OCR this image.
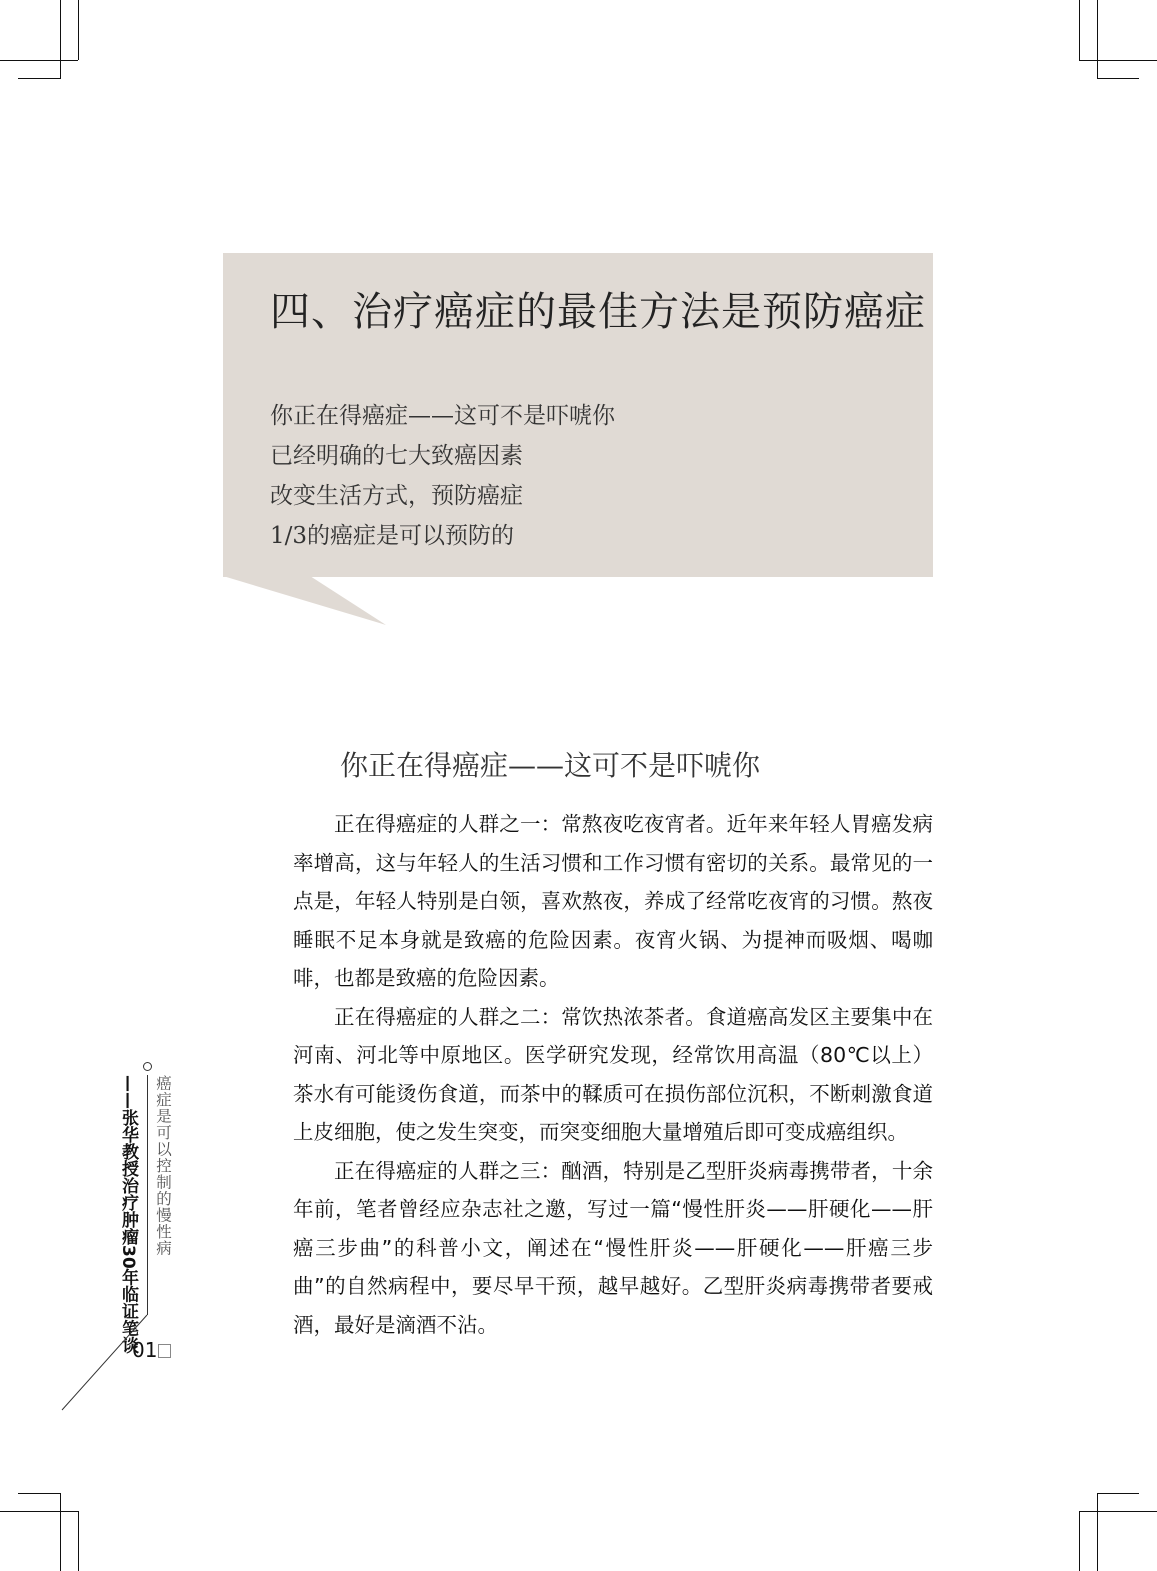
四、治疗癌症的最佳方法是预防癌症
你正在得癌症——这可不是吓唬你
已经明确的七大致癌因素
改变生活方式，预防癌症
1/3的癌症是可以预防的
你正在得癌症——这可不是吓唬你

正在得癌症的人群之一：常熬夜吃夜宵者。近年来年轻人胃癌发病率增高，这与年轻人的生活习惯和工作习惯有密切的关系。最常见的一点是，年轻人特别是白领，喜欢熬夜，养成了经常吃夜宵的习惯。熬夜睡眠不足本身就是致癌的危险因素。夜宵火锅、为提神而吸烟、喝咖啡，也都是致癌的危险因素。

正在得癌症的人群之二：常饮热浓茶者。食道癌高发区主要集中在河南、河北等中原地区。医学研究发现，经常饮用高温（80℃以上）茶水有可能烫伤食道，而茶中的鞣质可在损伤部位沉积，不断刺激食道上皮细胞，使之发生突变，而突变细胞大量增殖后即可变成癌组织。

正在得癌症的人群之三：酗酒，特别是乙型肝炎病毒携带者，十余年前，笔者曾经应杂志社之邀，写过一篇“慢性肝炎——肝硬化——肝癌三步曲”的科普小文，阐述在“慢性肝炎——肝硬化——肝癌三步曲”的自然病程中，要尽早干预，越早越好。乙型肝炎病毒携带者要戒酒，最好是滴酒不沾。

癌症是可以控制的慢性病
——张华教授治疗肿瘤30年临证笔谈
01
